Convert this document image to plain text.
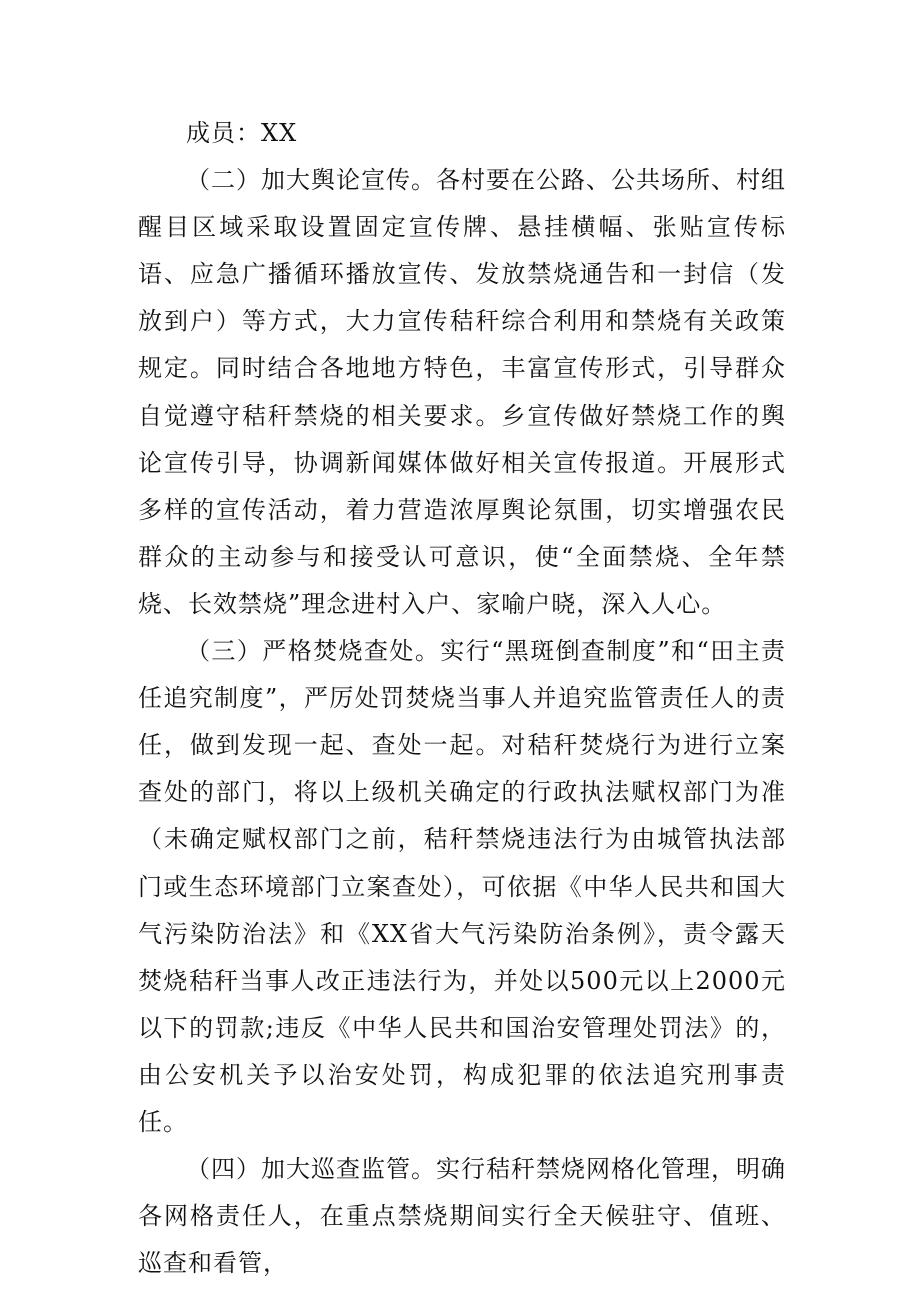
成员：XX

（二）加大舆论宣传。各村要在公路、公共场所、村组醒目区域采取设置固定宣传牌、悬挂横幅、张贴宣传标语、应急广播循环播放宣传、发放禁烧通告和一封信（发放到户）等方式，大力宣传秸秆综合利用和禁烧有关政策规定。同时结合各地地方特色，丰富宣传形式，引导群众自觉遵守秸秆禁烧的相关要求。乡宣传做好禁烧工作的舆论宣传引导，协调新闻媒体做好相关宣传报道。开展形式多样的宣传活动，着力营造浓厚舆论氛围，切实增强农民群众的主动参与和接受认可意识，使“全面禁烧、全年禁烧、长效禁烧”理念进村入户、家喻户晓，深入人心。

（三）严格焚烧查处。实行“黑斑倒查制度”和“田主责任追究制度”，严厉处罚焚烧当事人并追究监管责任人的责任，做到发现一起、查处一起。对秸秆焚烧行为进行立案查处的部门，将以上级机关确定的行政执法赋权部门为准（未确定赋权部门之前，秸秆禁烧违法行为由城管执法部门或生态环境部门立案查处），可依据《中华人民共和国大气污染防治法》和《XX省大气污染防治条例》，责令露天焚烧秸秆当事人改正违法行为，并处以500元以上2000元以下的罚款;违反《中华人民共和国治安管理处罚法》的，由公安机关予以治安处罚，构成犯罪的依法追究刑事责任。

（四）加大巡查监管。实行秸秆禁烧网格化管理，明确各网格责任人，在重点禁烧期间实行全天候驻守、值班、巡查和看管，
